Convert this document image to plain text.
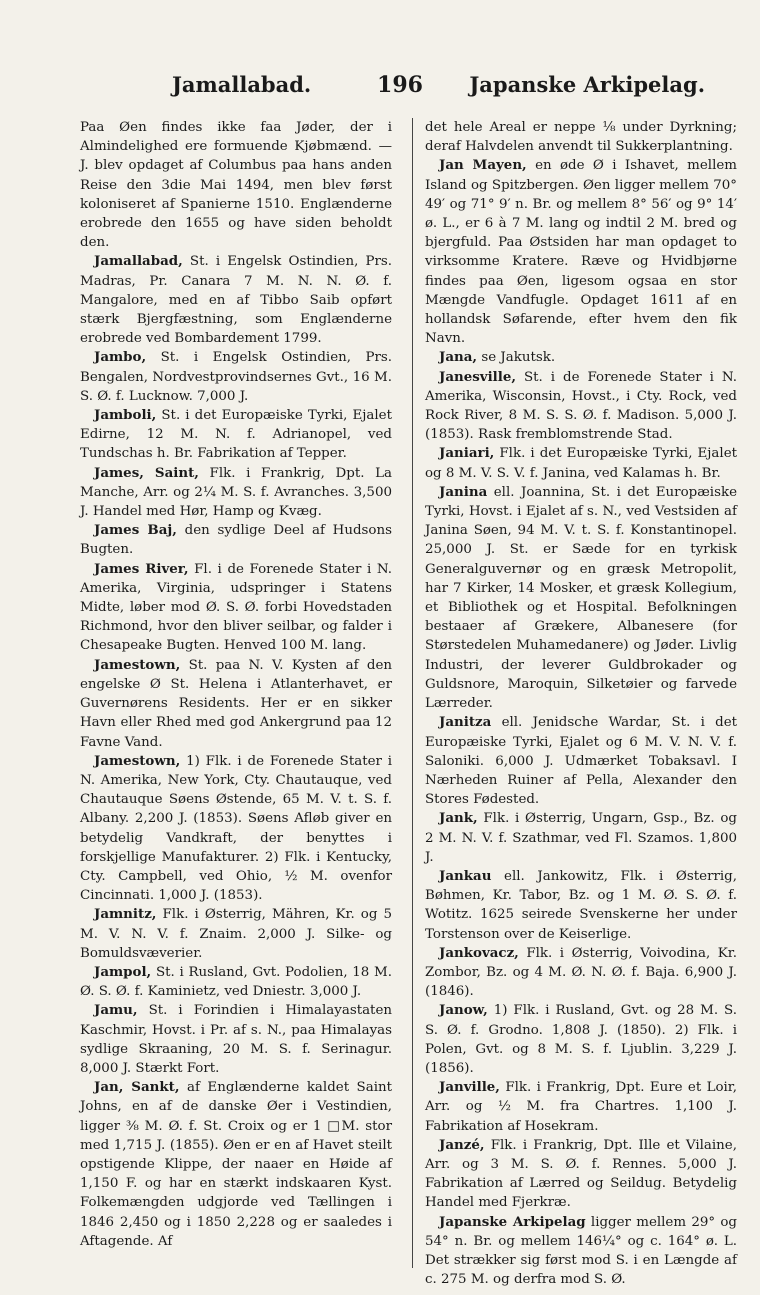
Jamallabad.	196	Japanske Arkipelag.

Paa Øen findes ikke faa Jøder, der i Almindelighed ere formuende Kjøbmænd. — J. blev opdaget af Columbus paa hans anden Reise den 3die Mai 1494, men blev først koloniseret af Spanierne 1510. Englænderne erobrede den 1655 og have siden beholdt den.

Jamallabad, St. i Engelsk Ostindien, Prs. Madras, Pr. Canara 7 M. N. N. Ø. f. Mangalore, med en af Tibbo Saib opført stærk Bjergfæstning, som Englænderne erobrede ved Bombardement 1799.

Jambo, St. i Engelsk Ostindien, Prs. Bengalen, Nordvestprovindsernes Gvt., 16 M. S. Ø. f. Lucknow. 7,000 J.

Jamboli, St. i det Europæiske Tyrki, Ejalet Edirne, 12 M. N. f. Adrianopel, ved Tundschas h. Br. Fabrikation af Tepper.

James, Saint, Flk. i Frankrig, Dpt. La Manche, Arr. og 2¼ M. S. f. Avranches. 3,500 J. Handel med Hør, Hamp og Kvæg.

James Baj, den sydlige Deel af Hudsons Bugten.

James River, Fl. i de Forenede Stater i N. Amerika, Virginia, udspringer i Statens Midte, løber mod Ø. S. Ø. forbi Hovedstaden Richmond, hvor den bliver seilbar, og falder i Chesapeake Bugten. Henved 100 M. lang.

Jamestown, St. paa N. V. Kysten af den engelske Ø St. Helena i Atlanterhavet, er Guvernørens Residents. Her er en sikker Havn eller Rhed med god Ankergrund paa 12 Favne Vand.

Jamestown, 1) Flk. i de Forenede Stater i N. Amerika, New York, Cty. Chautauque, ved Chautauque Søens Østende, 65 M. V. t. S. f. Albany. 2,200 J. (1853). Søens Afløb giver en betydelig Vandkraft, der benyttes i forskjellige Manufakturer. 2) Flk. i Kentucky, Cty. Campbell, ved Ohio, ½ M. ovenfor Cincinnati. 1,000 J. (1853).

Jamnitz, Flk. i Østerrig, Mähren, Kr. og 5 M. V. N. V. f. Znaim. 2,000 J. Silke- og Bomuldsvæverier.

Jampol, St. i Rusland, Gvt. Podolien, 18 M. Ø. S. Ø. f. Kaminietz, ved Dniestr. 3,000 J.

Jamu, St. i Forindien i Himalayastaten Kaschmir, Hovst. i Pr. af s. N., paa Himalayas sydlige Skraaning, 20 M. S. f. Serinagur. 8,000 J. Stærkt Fort.

Jan, Sankt, af Englænderne kaldet Saint Johns, en af de danske Øer i Vestindien, ligger ⅜ M. Ø. f. St. Croix og er 1 □M. stor med 1,715 J. (1855). Øen er en af Havet steilt opstigende Klippe, der naaer en Høide af 1,150 F. og har en stærkt indskaaren Kyst. Folkemængden udgjorde ved Tællingen i 1846 2,450 og i 1850 2,228 og er saaledes i Aftagende. Af

det hele Areal er neppe ⅛ under Dyrkning; deraf Halvdelen anvendt til Sukkerplantning.

Jan Mayen, en øde Ø i Ishavet, mellem Island og Spitzbergen. Øen ligger mellem 70° 49′ og 71° 9′ n. Br. og mellem 8° 56′ og 9° 14′ ø. L., er 6 à 7 M. lang og indtil 2 M. bred og bjergfuld. Paa Østsiden har man opdaget to virksomme Kratere. Ræve og Hvidbjørne findes paa Øen, ligesom ogsaa en stor Mængde Vandfugle. Opdaget 1611 af en hollandsk Søfarende, efter hvem den fik Navn.

Jana, se Jakutsk.

Janesville, St. i de Forenede Stater i N. Amerika, Wisconsin, Hovst., i Cty. Rock, ved Rock River, 8 M. S. S. Ø. f. Madison. 5,000 J. (1853). Rask fremblomstrende Stad.

Janiari, Flk. i det Europæiske Tyrki, Ejalet og 8 M. V. S. V. f. Janina, ved Kalamas h. Br.

Janina ell. Joannina, St. i det Europæiske Tyrki, Hovst. i Ejalet af s. N., ved Vestsiden af Janina Søen, 94 M. V. t. S. f. Konstantinopel. 25,000 J. St. er Sæde for en tyrkisk Generalguvernør og en græsk Metropolit, har 7 Kirker, 14 Mosker, et græsk Kollegium, et Bibliothek og et Hospital. Befolkningen bestaaer af Grækere, Albanesere (for Størstedelen Muhamedanere) og Jøder. Livlig Industri, der leverer Guldbrokader og Guldsnore, Maroquin, Silketøier og farvede Lærreder.

Janitza ell. Jenidsche Wardar, St. i det Europæiske Tyrki, Ejalet og 6 M. V. N. V. f. Saloniki. 6,000 J. Udmærket Tobaksavl. I Nærheden Ruiner af Pella, Alexander den Stores Fødested.

Jank, Flk. i Østerrig, Ungarn, Gsp., Bz. og 2 M. N. V. f. Szathmar, ved Fl. Szamos. 1,800 J.

Jankau ell. Jankowitz, Flk. i Østerrig, Bøhmen, Kr. Tabor, Bz. og 1 M. Ø. S. Ø. f. Wotitz. 1625 seirede Svenskerne her under Torstenson over de Keiserlige.

Jankovacz, Flk. i Østerrig, Voivodina, Kr. Zombor, Bz. og 4 M. Ø. N. Ø. f. Baja. 6,900 J. (1846).

Janow, 1) Flk. i Rusland, Gvt. og 28 M. S. S. Ø. f. Grodno. 1,808 J. (1850). 2) Flk. i Polen, Gvt. og 8 M. S. f. Ljublin. 3,229 J. (1856).

Janville, Flk. i Frankrig, Dpt. Eure et Loir, Arr. og ½ M. fra Chartres. 1,100 J. Fabrikation af Hosekram.

Janzé, Flk. i Frankrig, Dpt. Ille et Vilaine, Arr. og 3 M. S. Ø. f. Rennes. 5,000 J. Fabrikation af Lærred og Seildug. Betydelig Handel med Fjerkræ.

Japanske Arkipelag ligger mellem 29° og 54° n. Br. og mellem 146¼° og c. 164° ø. L. Det strækker sig først mod S. i en Længde af c. 275 M. og derfra mod S. Ø.
